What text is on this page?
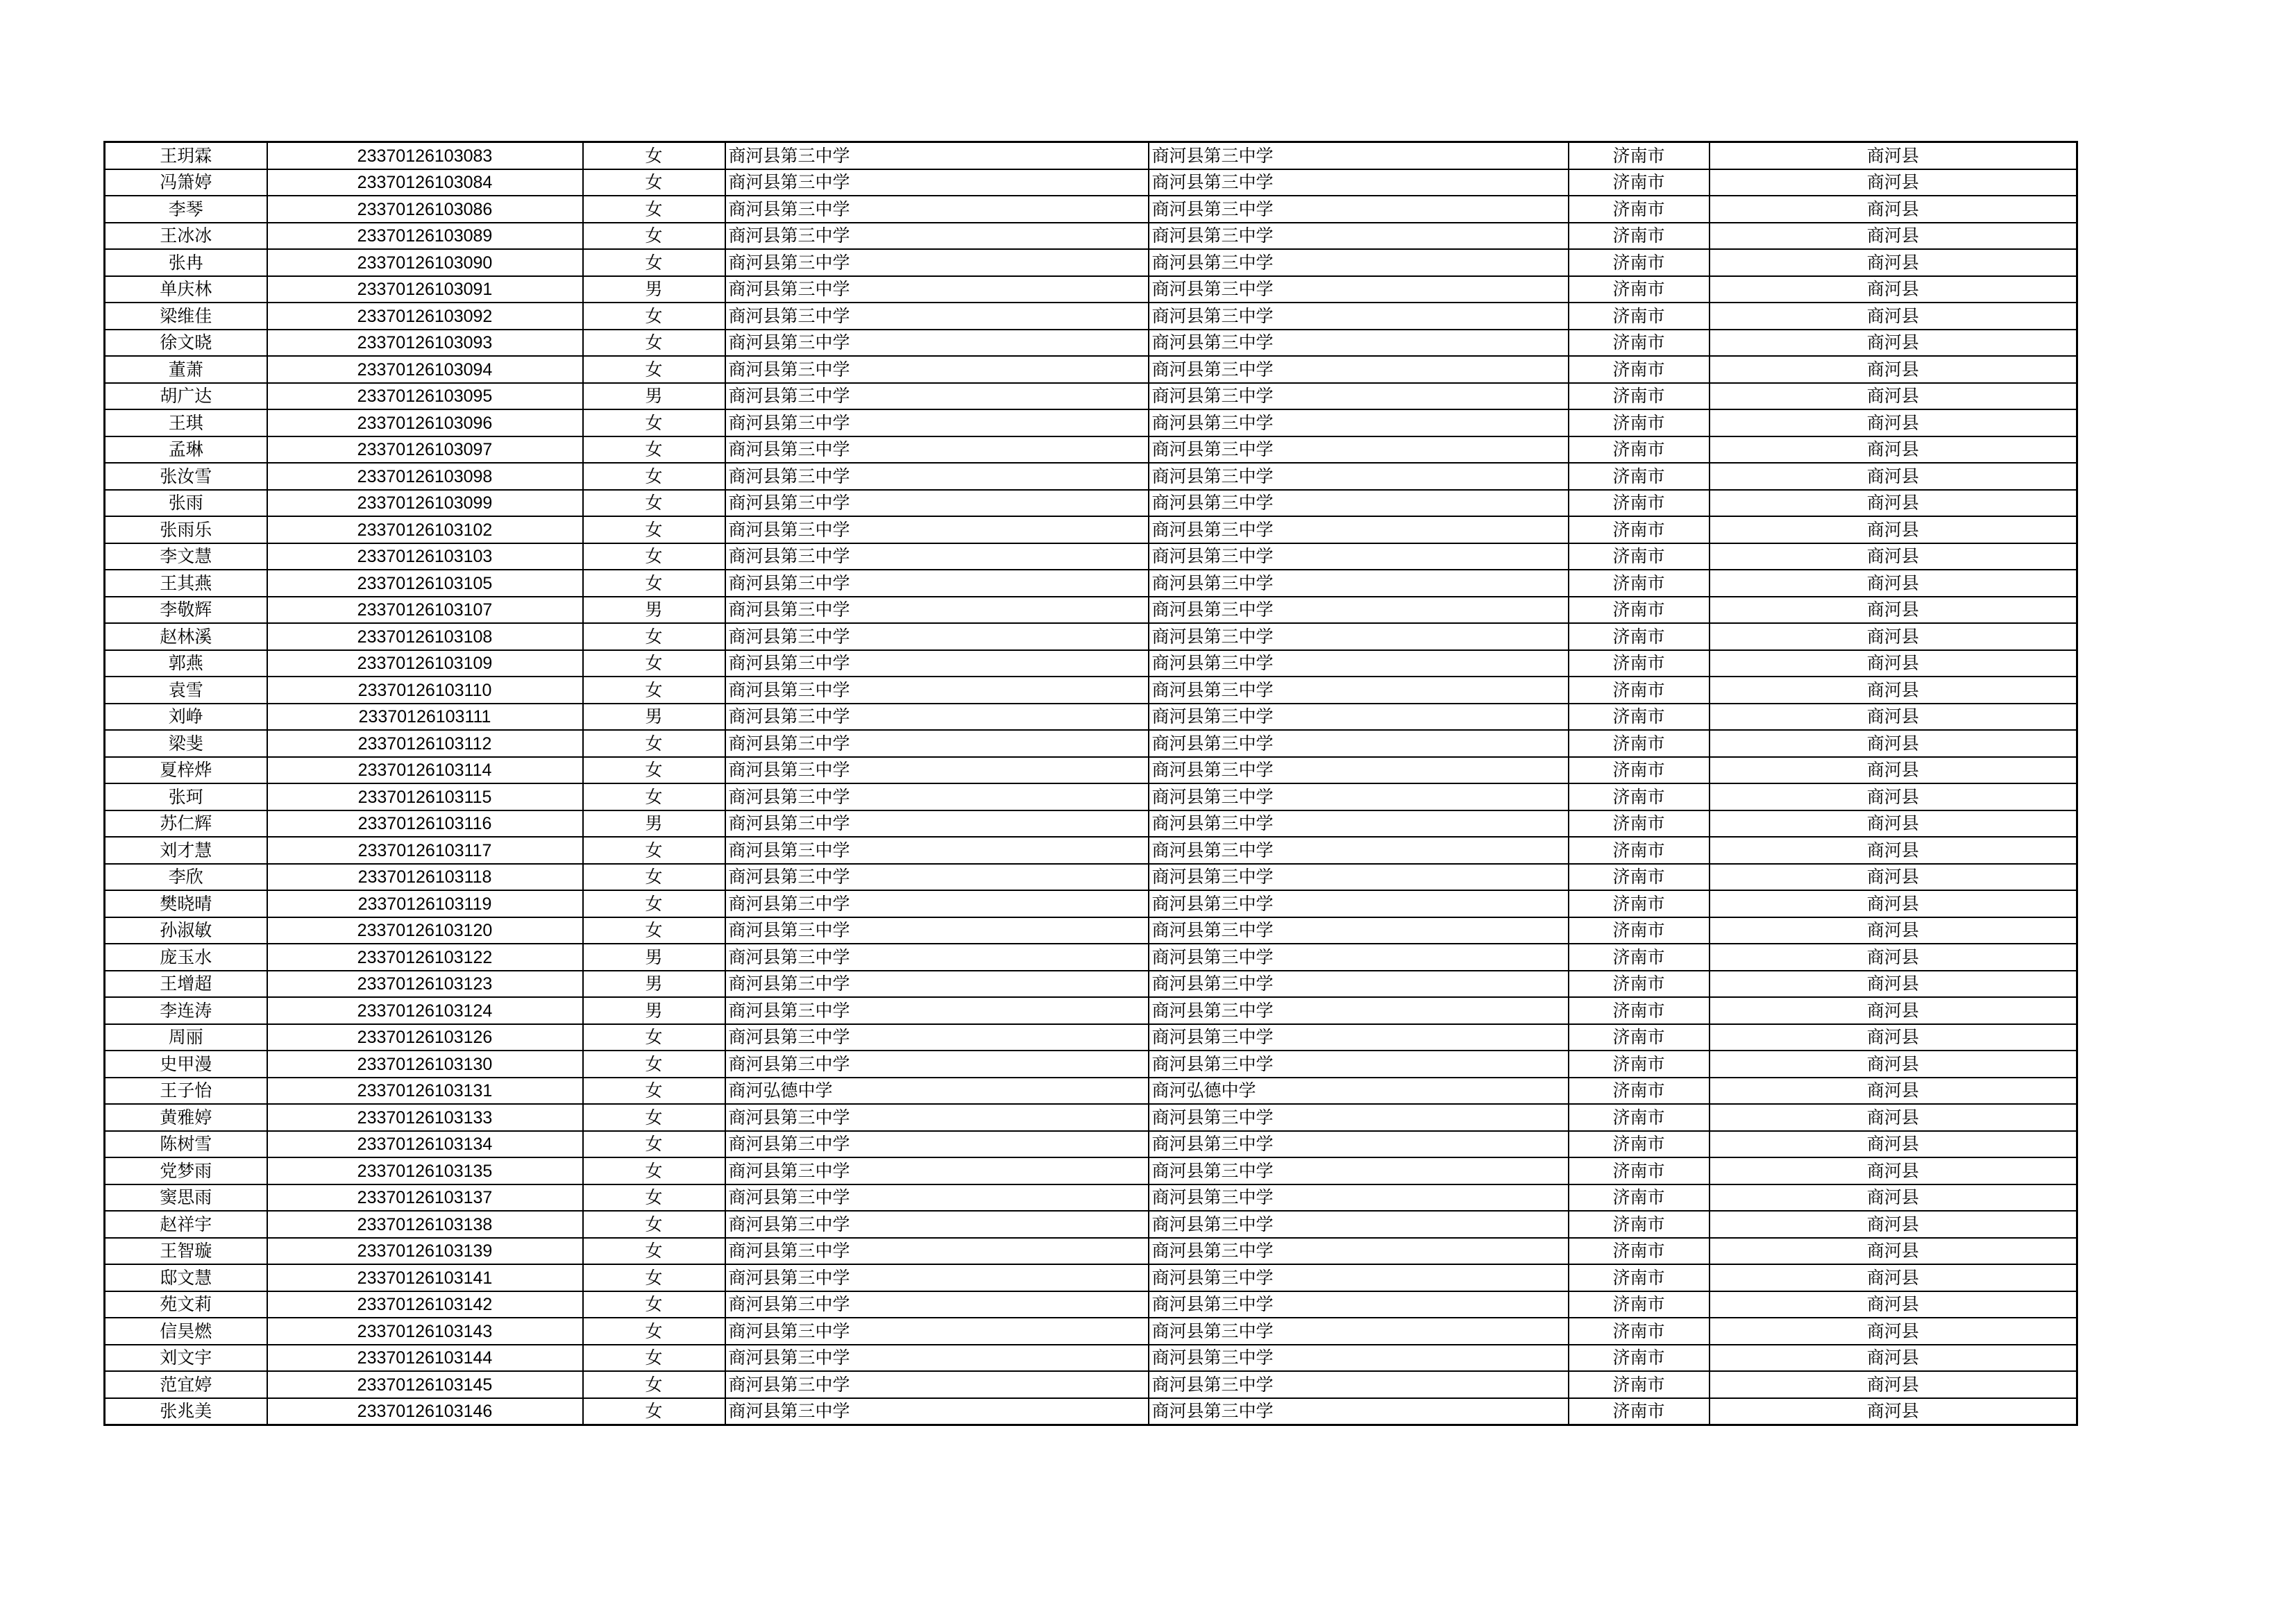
王玥霖	23370126103083	女	商河县第三中学	商河县第三中学	济南市	商河县
冯箫婷	23370126103084	女	商河县第三中学	商河县第三中学	济南市	商河县
李琴	23370126103086	女	商河县第三中学	商河县第三中学	济南市	商河县
王冰冰	23370126103089	女	商河县第三中学	商河县第三中学	济南市	商河县
张冉	23370126103090	女	商河县第三中学	商河县第三中学	济南市	商河县
单庆林	23370126103091	男	商河县第三中学	商河县第三中学	济南市	商河县
梁维佳	23370126103092	女	商河县第三中学	商河县第三中学	济南市	商河县
徐文晓	23370126103093	女	商河县第三中学	商河县第三中学	济南市	商河县
董萧	23370126103094	女	商河县第三中学	商河县第三中学	济南市	商河县
胡广达	23370126103095	男	商河县第三中学	商河县第三中学	济南市	商河县
王琪	23370126103096	女	商河县第三中学	商河县第三中学	济南市	商河县
孟琳	23370126103097	女	商河县第三中学	商河县第三中学	济南市	商河县
张汝雪	23370126103098	女	商河县第三中学	商河县第三中学	济南市	商河县
张雨	23370126103099	女	商河县第三中学	商河县第三中学	济南市	商河县
张雨乐	23370126103102	女	商河县第三中学	商河县第三中学	济南市	商河县
李文慧	23370126103103	女	商河县第三中学	商河县第三中学	济南市	商河县
王其燕	23370126103105	女	商河县第三中学	商河县第三中学	济南市	商河县
李敬辉	23370126103107	男	商河县第三中学	商河县第三中学	济南市	商河县
赵林溪	23370126103108	女	商河县第三中学	商河县第三中学	济南市	商河县
郭燕	23370126103109	女	商河县第三中学	商河县第三中学	济南市	商河县
袁雪	23370126103110	女	商河县第三中学	商河县第三中学	济南市	商河县
刘峥	23370126103111	男	商河县第三中学	商河县第三中学	济南市	商河县
梁斐	23370126103112	女	商河县第三中学	商河县第三中学	济南市	商河县
夏梓烨	23370126103114	女	商河县第三中学	商河县第三中学	济南市	商河县
张珂	23370126103115	女	商河县第三中学	商河县第三中学	济南市	商河县
苏仁辉	23370126103116	男	商河县第三中学	商河县第三中学	济南市	商河县
刘才慧	23370126103117	女	商河县第三中学	商河县第三中学	济南市	商河县
李欣	23370126103118	女	商河县第三中学	商河县第三中学	济南市	商河县
樊晓晴	23370126103119	女	商河县第三中学	商河县第三中学	济南市	商河县
孙淑敏	23370126103120	女	商河县第三中学	商河县第三中学	济南市	商河县
庞玉水	23370126103122	男	商河县第三中学	商河县第三中学	济南市	商河县
王增超	23370126103123	男	商河县第三中学	商河县第三中学	济南市	商河县
李连涛	23370126103124	男	商河县第三中学	商河县第三中学	济南市	商河县
周丽	23370126103126	女	商河县第三中学	商河县第三中学	济南市	商河县
史甲漫	23370126103130	女	商河县第三中学	商河县第三中学	济南市	商河县
王子怡	23370126103131	女	商河弘德中学	商河弘德中学	济南市	商河县
黄雅婷	23370126103133	女	商河县第三中学	商河县第三中学	济南市	商河县
陈树雪	23370126103134	女	商河县第三中学	商河县第三中学	济南市	商河县
党梦雨	23370126103135	女	商河县第三中学	商河县第三中学	济南市	商河县
窦思雨	23370126103137	女	商河县第三中学	商河县第三中学	济南市	商河县
赵祥宇	23370126103138	女	商河县第三中学	商河县第三中学	济南市	商河县
王智璇	23370126103139	女	商河县第三中学	商河县第三中学	济南市	商河县
邸文慧	23370126103141	女	商河县第三中学	商河县第三中学	济南市	商河县
苑文莉	23370126103142	女	商河县第三中学	商河县第三中学	济南市	商河县
信昊燃	23370126103143	女	商河县第三中学	商河县第三中学	济南市	商河县
刘文宇	23370126103144	女	商河县第三中学	商河县第三中学	济南市	商河县
范宜婷	23370126103145	女	商河县第三中学	商河县第三中学	济南市	商河县
张兆美	23370126103146	女	商河县第三中学	商河县第三中学	济南市	商河县
